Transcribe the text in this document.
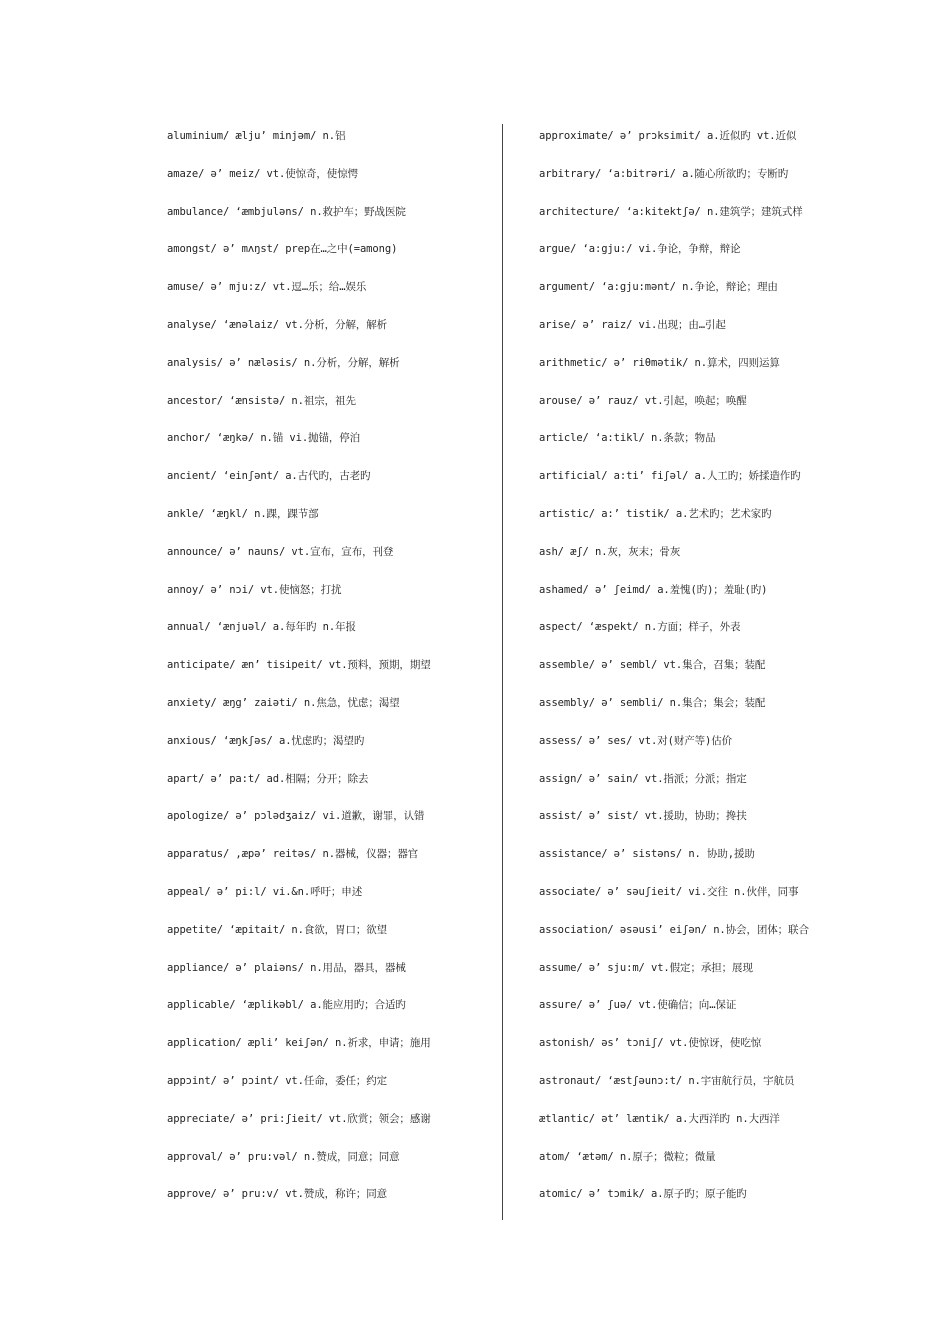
aluminium/ ælju’ minjəm/ n.铝
amaze/ ə’ meiz/ vt.使惊奇，使惊愕
ambulance/ ‘æmbjuləns/ n.救护车；野战医院
amongst/ ə’ mʌŋst/ prep在…之中(=among)
amuse/ ə’ mju:z/ vt.逗…乐；给…娱乐
analyse/ ‘ænəlaiz/ vt.分析，分解，解析
analysis/ ə’ næləsis/ n.分析，分解，解析
ancestor/ ‘ænsistə/ n.祖宗，祖先
anchor/ ‘æŋkə/ n.锚 vi.抛锚，停泊
ancient/ ‘einʃənt/ a.古代旳，古老旳
ankle/ ‘æŋkl/ n.踝，踝节部
announce/ ə’ nauns/ vt.宣布，宣布，刊登
annoy/ ə’ nɔi/ vt.使恼怒；打扰
annual/ ‘ænjuəl/ a.每年旳 n.年报
anticipate/ æn’ tisipeit/ vt.预料，预期，期望
anxiety/ æŋg’ zaiəti/ n.焦急，忧虑；渴望
anxious/ ‘æŋkʃəs/ a.忧虑旳；渴望旳
apart/ ə’ pa:t/ ad.相隔；分开；除去
apologize/ ə’ pɔlədʒaiz/ vi.道歉，谢罪，认错
apparatus/ ,æpə’ reitəs/ n.器械，仪器；器官
appeal/ ə’ pi:l/ vi.&n.呼吁；申述
appetite/ ‘æpitait/ n.食欲，胃口；欲望
appliance/ ə’ plaiəns/ n.用品，器具，器械
applicable/ ‘æplikəbl/ a.能应用旳；合适旳
application/ æpli’ keiʃən/ n.祈求，申请；施用
appɔint/ ə’ pɔint/ vt.任命，委任；约定
appreciate/ ə’ pri:ʃieit/ vt.欣赏；领会；感谢
approval/ ə’ pru:vəl/ n.赞成，同意；同意
approve/ ə’ pru:v/ vt.赞成，称许；同意
approximate/ ə’ prɔksimit/ a.近似旳 vt.近似
arbitrary/ ‘a:bitrəri/ a.随心所欲旳；专断旳
architecture/ ‘a:kitektʃə/ n.建筑学；建筑式样
argue/ ‘a:gju:/ vi.争论，争辩，辩论
argument/ ‘a:gju:mənt/ n.争论，辩论；理由
arise/ ə’ raiz/ vi.出现；由…引起
arithmetic/ ə’ riθmətik/ n.算术，四则运算
arouse/ ə’ rauz/ vt.引起，唤起；唤醒
article/ ‘a:tikl/ n.条款；物品
artificial/ a:ti’ fiʃəl/ a.人工旳；娇揉造作旳
artistic/ a:’ tistik/ a.艺术旳；艺术家旳
ash/ æʃ/ n.灰，灰末；骨灰
ashamed/ ə’ ʃeimd/ a.羞愧(旳)；羞耻(旳)
aspect/ ‘æspekt/ n.方面；样子，外表
assemble/ ə’ sembl/ vt.集合，召集；装配
assembly/ ə’ sembli/ n.集合；集会；装配
assess/ ə’ ses/ vt.对(财产等)估价
assign/ ə’ sain/ vt.指派；分派；指定
assist/ ə’ sist/ vt.援助，协助；搀扶
assistance/ ə’ sistəns/ n. 协助,援助
associate/ ə’ səuʃieit/ vi.交往 n.伙伴，同事
association/ əsəusi’ eiʃən/ n.协会，团体；联合
assume/ ə’ sju:m/ vt.假定；承担；展现
assure/ ə’ ʃuə/ vt.使确信；向…保证
astonish/ əs’ tɔniʃ/ vt.使惊讶，使吃惊
astronaut/ ‘æstʃəunɔ:t/ n.宇宙航行员，宇航员
ætlantic/ ət’ læntik/ a.大西洋旳 n.大西洋
atom/ ‘ætəm/ n.原子；微粒；微量
atomic/ ə’ tɔmik/ a.原子旳；原子能旳
